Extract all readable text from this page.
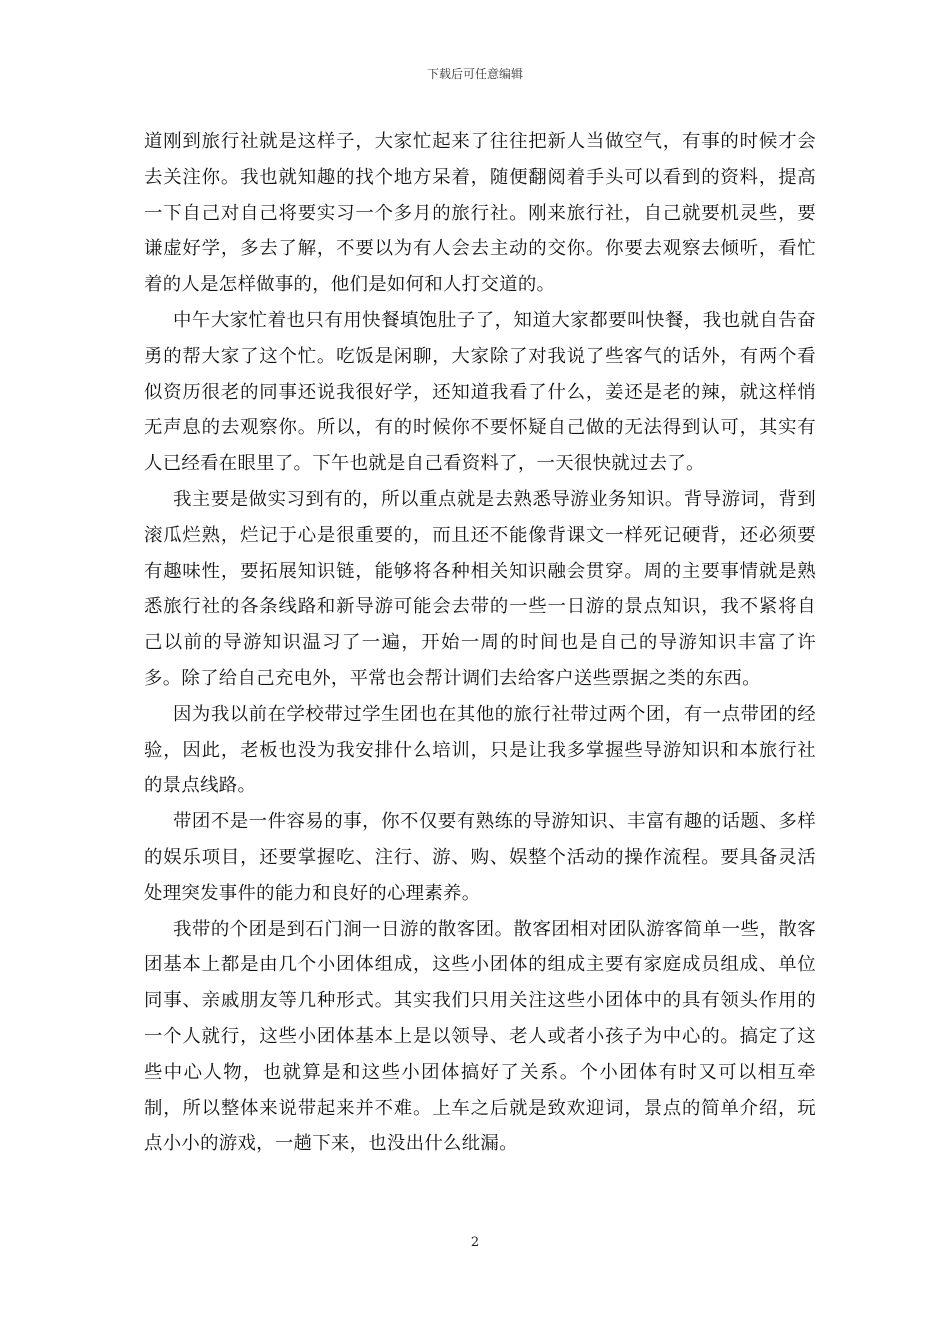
下载后可任意编辑

道刚到旅行社就是这样子，大家忙起来了往往把新人当做空气，有事的时候才会去关注你。我也就知趣的找个地方呆着，随便翻阅着手头可以看到的资料，提高一下自己对自己将要实习一个多月的旅行社。刚来旅行社，自己就要机灵些，要谦虚好学，多去了解，不要以为有人会去主动的交你。你要去观察去倾听，看忙着的人是怎样做事的，他们是如何和人打交道的。

中午大家忙着也只有用快餐填饱肚子了，知道大家都要叫快餐，我也就自告奋勇的帮大家了这个忙。吃饭是闲聊，大家除了对我说了些客气的话外，有两个看似资历很老的同事还说我很好学，还知道我看了什么，姜还是老的辣，就这样悄无声息的去观察你。所以，有的时候你不要怀疑自己做的无法得到认可，其实有人已经看在眼里了。下午也就是自己看资料了，一天很快就过去了。

我主要是做实习到有的，所以重点就是去熟悉导游业务知识。背导游词，背到滚瓜烂熟，烂记于心是很重要的，而且还不能像背课文一样死记硬背，还必须要有趣味性，要拓展知识链，能够将各种相关知识融会贯穿。周的主要事情就是熟悉旅行社的各条线路和新导游可能会去带的一些一日游的景点知识，我不紧将自己以前的导游知识温习了一遍，开始一周的时间也是自己的导游知识丰富了许多。除了给自己充电外，平常也会帮计调们去给客户送些票据之类的东西。

因为我以前在学校带过学生团也在其他的旅行社带过两个团，有一点带团的经验，因此，老板也没为我安排什么培训，只是让我多掌握些导游知识和本旅行社的景点线路。

带团不是一件容易的事，你不仅要有熟练的导游知识、丰富有趣的话题、多样的娱乐项目，还要掌握吃、注行、游、购、娱整个活动的操作流程。要具备灵活处理突发事件的能力和良好的心理素养。

我带的个团是到石门涧一日游的散客团。散客团相对团队游客简单一些，散客团基本上都是由几个小团体组成，这些小团体的组成主要有家庭成员组成、单位同事、亲戚朋友等几种形式。其实我们只用关注这些小团体中的具有领头作用的一个人就行，这些小团体基本上是以领导、老人或者小孩子为中心的。搞定了这些中心人物，也就算是和这些小团体搞好了关系。个小团体有时又可以相互牵制，所以整体来说带起来并不难。上车之后就是致欢迎词，景点的简单介绍，玩点小小的游戏，一趟下来，也没出什么纰漏。

2
